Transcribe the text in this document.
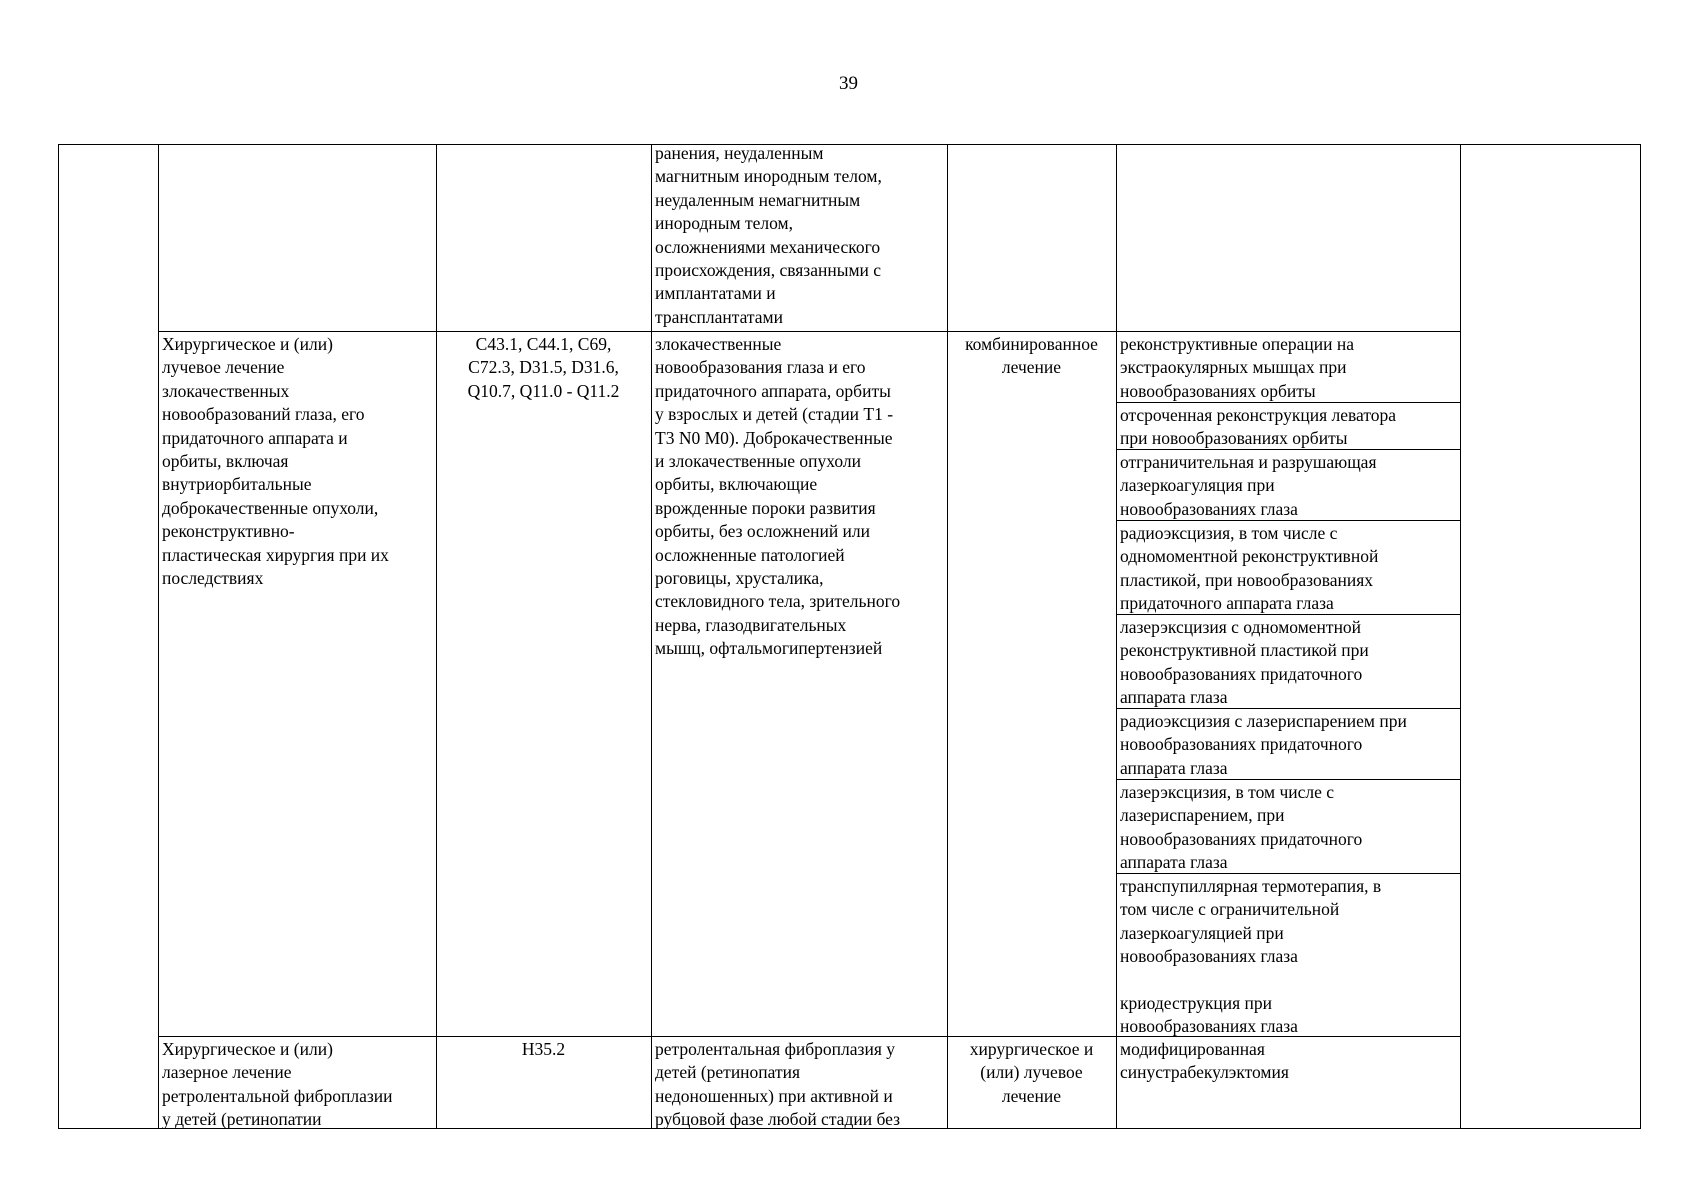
39
ранения, неудаленным
магнитным инородным телом,
неудаленным немагнитным
инородным телом,
осложнениями механического
происхождения, связанными с
имплантатами и
трансплантатами
Хирургическое и (или)
лучевое лечение
злокачественных
новообразований глаза, его
придаточного аппарата и
орбиты, включая
внутриорбитальные
доброкачественные опухоли,
реконструктивно-
пластическая хирургия при их
последствиях
C43.1, C44.1, C69,
C72.3, D31.5, D31.6,
Q10.7, Q11.0 - Q11.2
злокачественные
новообразования глаза и его
придаточного аппарата, орбиты
у взрослых и детей (стадии T1 -
T3 N0 M0). Доброкачественные
и злокачественные опухоли
орбиты, включающие
врожденные пороки развития
орбиты, без осложнений или
осложненные патологией
роговицы, хрусталика,
стекловидного тела, зрительного
нерва, глазодвигательных
мышц, офтальмогипертензией
комбинированное
лечение
реконструктивные операции на
экстраокулярных мышцах при
новообразованиях орбиты
отсроченная реконструкция леватора
при новообразованиях орбиты
отграничительная и разрушающая
лазеркоагуляция при
новообразованиях глаза
радиоэксцизия, в том числе с
одномоментной реконструктивной
пластикой, при новообразованиях
придаточного аппарата глаза
лазерэксцизия с одномоментной
реконструктивной пластикой при
новообразованиях придаточного
аппарата глаза
радиоэксцизия с лазериспарением при
новообразованиях придаточного
аппарата глаза
лазерэксцизия, в том числе с
лазериспарением, при
новообразованиях придаточного
аппарата глаза
транспупиллярная термотерапия, в
том числе с ограничительной
лазеркоагуляцией при
новообразованиях глаза

криодеструкция при
новообразованиях глаза
Хирургическое и (или)
лазерное лечение
ретролентальной фиброплазии
у детей (ретинопатии
H35.2	ретролентальная фиброплазия у
детей (ретинопатия
недоношенных) при активной и
рубцовой фазе любой стадии без
хирургическое и
(или) лучевое
лечение
модифицированная
синустрабекулэктомия
